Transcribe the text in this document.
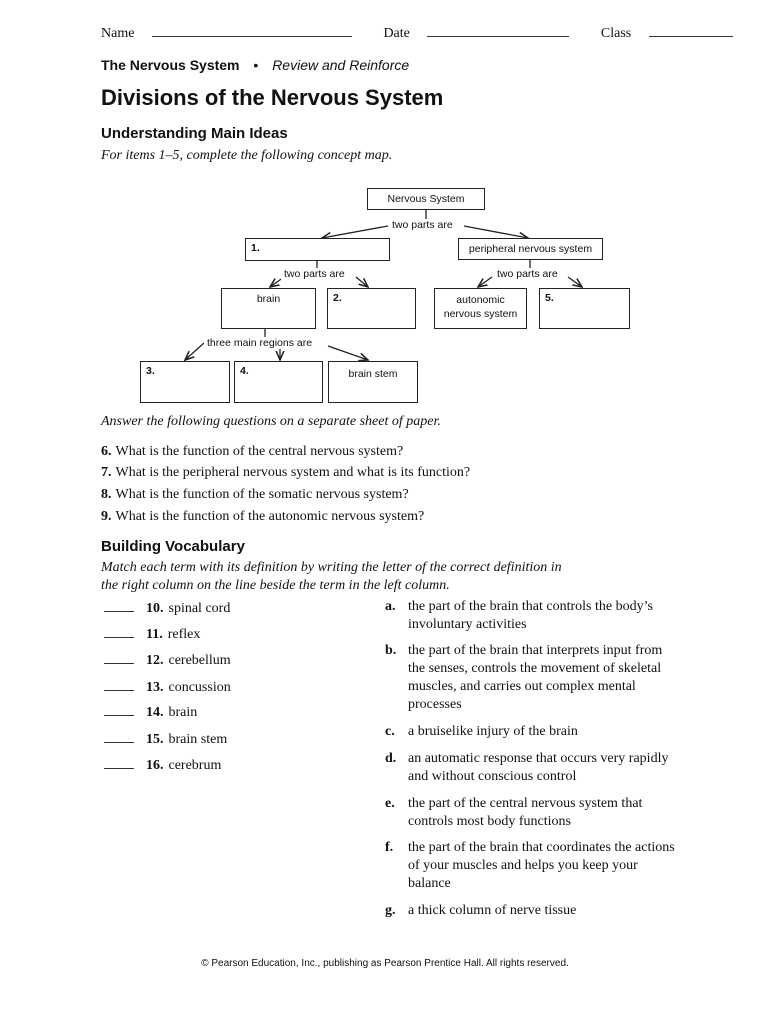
Name	Date	Class
The Nervous System • Review and Reinforce
Divisions of the Nervous System
Understanding Main Ideas
For items 1–5, complete the following concept map.
Nervous System
two parts are
1.	peripheral nervous system
two parts are	two parts are
brain	2.	autonomic nervous system
5.
three main regions are
3.	4.	brain stem
Answer the following questions on a separate sheet of paper.
6. What is the function of the central nervous system?
7. What is the peripheral nervous system and what is its function?
8. What is the function of the somatic nervous system?
9. What is the function of the autonomic nervous system?
Building Vocabulary
Match each term with its definition by writing the letter of the correct definition in
the right column on the line beside the term in the left column.
10. spinal cord
11. reflex
12. cerebellum
13. concussion
14. brain
15. brain stem
16. cerebrum
a. the part of the brain that controls the body’s involuntary activities
b. the part of the brain that interprets input from the senses, controls the movement of skeletal muscles, and carries out complex mental processes
c. a bruiselike injury of the brain
d. an automatic response that occurs very rapidly and without conscious control
e. the part of the central nervous system that controls most body functions
f. the part of the brain that coordinates the actions of your muscles and helps you keep your balance
g. a thick column of nerve tissue
© Pearson Education, Inc., publishing as Pearson Prentice Hall. All rights reserved.
